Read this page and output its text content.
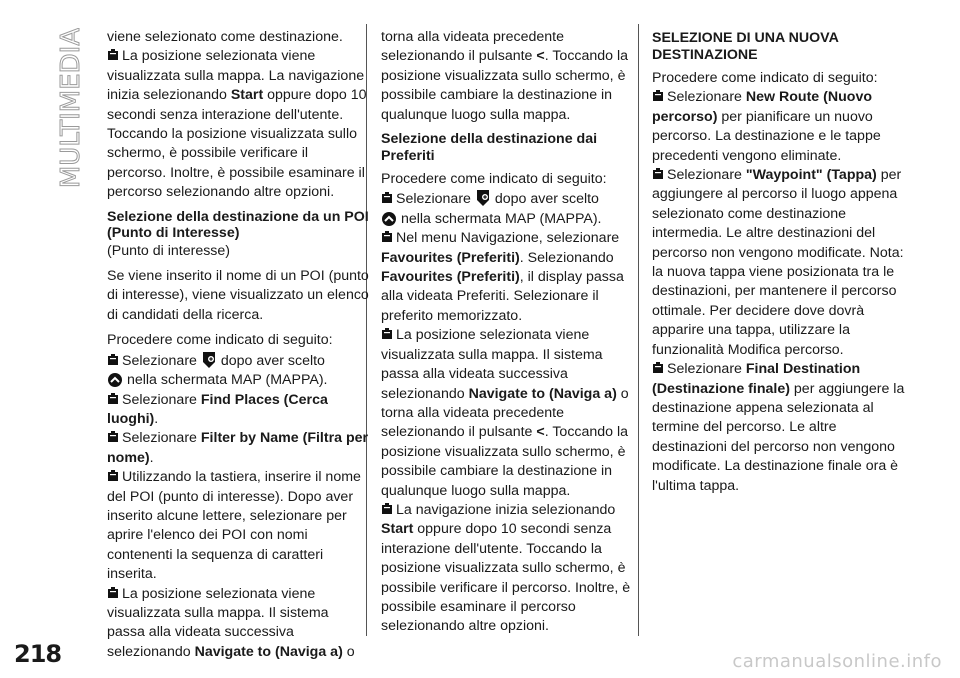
MULTIMEDIA
218

viene selezionato come destinazione.

La posizione selezionata viene visualizzata sulla mappa. La navigazione inizia selezionando Start oppure dopo 10 secondi senza interazione dell'utente. Toccando la posizione visualizzata sullo schermo, è possibile verificare il percorso. Inoltre, è possibile esaminare il percorso selezionando altre opzioni.

Selezione della destinazione da un POI (Punto di Interesse)

(Punto di interesse)

Se viene inserito il nome di un POI (punto di interesse), viene visualizzato un elenco di candidati della ricerca.

Procedere come indicato di seguito:

Selezionare dopo aver scelto

nella schermata MAP (MAPPA).

Selezionare Find Places (Cerca luoghi).

Selezionare Filter by Name (Filtra per nome).

Utilizzando la tastiera, inserire il nome del POI (punto di interesse). Dopo aver inserito alcune lettere, selezionare per aprire l'elenco dei POI con nomi contenenti la sequenza di caratteri inserita.

La posizione selezionata viene visualizzata sulla mappa. Il sistema passa alla videata successiva selezionando Navigate to (Naviga a) o

torna alla videata precedente selezionando il pulsante <. Toccando la posizione visualizzata sullo schermo, è possibile cambiare la destinazione in qualunque luogo sulla mappa.

Selezione della destinazione dai Preferiti

Procedere come indicato di seguito:

Selezionare dopo aver scelto

nella schermata MAP (MAPPA).

Nel menu Navigazione, selezionare Favourites (Preferiti). Selezionando Favourites (Preferiti), il display passa alla videata Preferiti. Selezionare il preferito memorizzato.

La posizione selezionata viene visualizzata sulla mappa. Il sistema passa alla videata successiva selezionando Navigate to (Naviga a) o torna alla videata precedente selezionando il pulsante <. Toccando la posizione visualizzata sullo schermo, è possibile cambiare la destinazione in qualunque luogo sulla mappa.

La navigazione inizia selezionando
Start oppure dopo 10 secondi senza interazione dell'utente. Toccando la posizione visualizzata sullo schermo, è possibile verificare il percorso. Inoltre, è possibile esaminare il percorso selezionando altre opzioni.

SELEZIONE DI UNA NUOVA DESTINAZIONE

Procedere come indicato di seguito:

Selezionare New Route (Nuovo percorso) per pianificare un nuovo percorso. La destinazione e le tappe precedenti vengono eliminate.

Selezionare "Waypoint" (Tappa) per aggiungere al percorso il luogo appena selezionato come destinazione intermedia. Le altre destinazioni del percorso non vengono modificate. Nota: la nuova tappa viene posizionata tra le destinazioni, per mantenere il percorso ottimale. Per decidere dove dovrà apparire una tappa, utilizzare la funzionalità Modifica percorso.

Selezionare Final Destination (Destinazione finale) per aggiungere la destinazione appena selezionata al termine del percorso. Le altre destinazioni del percorso non vengono modificate. La destinazione finale ora è l'ultima tappa.

carmanualsonline.info
